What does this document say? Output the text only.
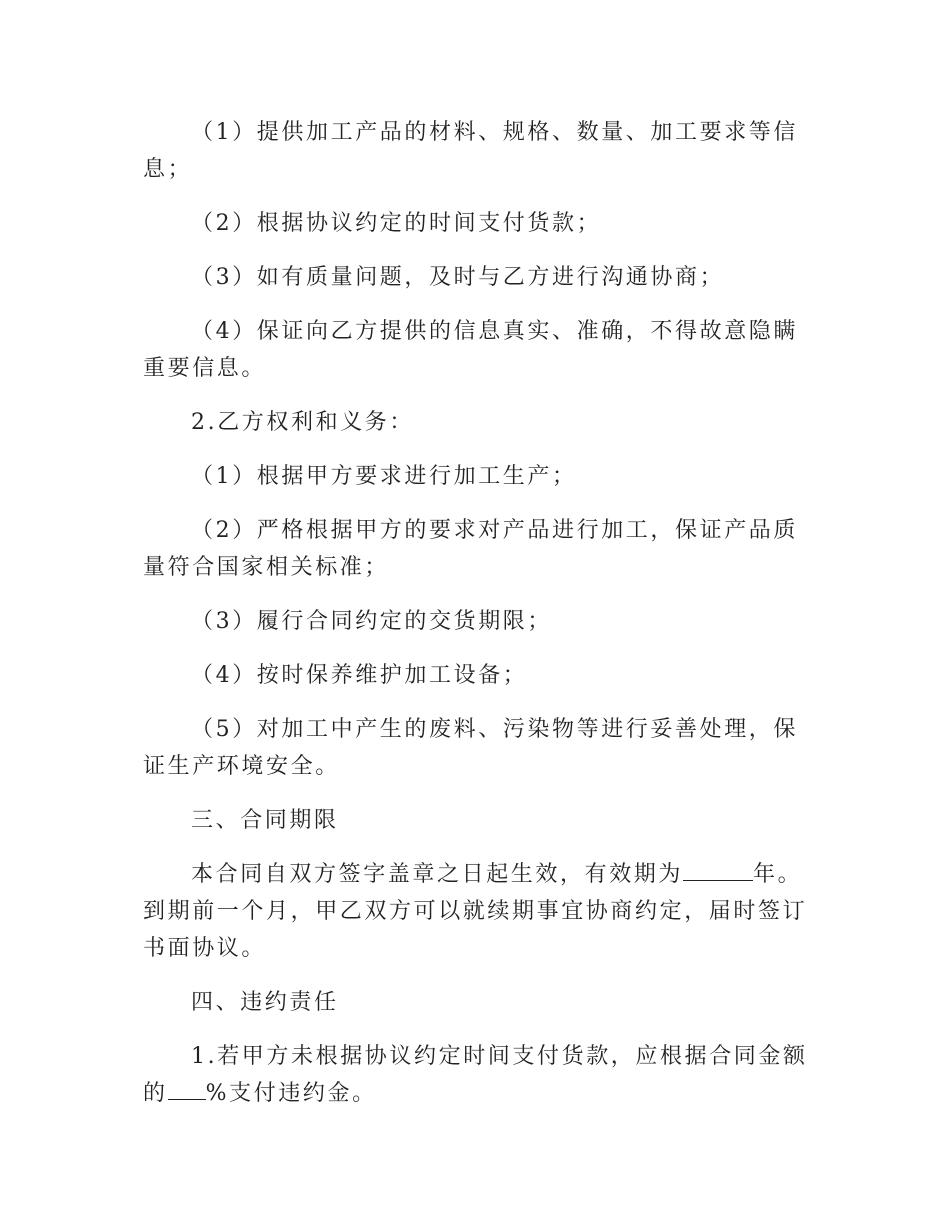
（1）提供加工产品的材料、规格、数量、加工要求等信息；

（2）根据协议约定的时间支付货款；

（3）如有质量问题，及时与乙方进行沟通协商；

（4）保证向乙方提供的信息真实、准确，不得故意隐瞒重要信息。

2.乙方权利和义务：

（1）根据甲方要求进行加工生产；

（2）严格根据甲方的要求对产品进行加工，保证产品质量符合国家相关标准；

（3）履行合同约定的交货期限；

（4）按时保养维护加工设备；

（5）对加工中产生的废料、污染物等进行妥善处理，保证生产环境安全。

三、合同期限

本合同自双方签字盖章之日起生效，有效期为	年。到期前一个月，甲乙双方可以就续期事宜协商约定，届时签订书面协议。

四、违约责任

1.若甲方未根据协议约定时间支付货款，应根据合同金额的 %支付违约金。
